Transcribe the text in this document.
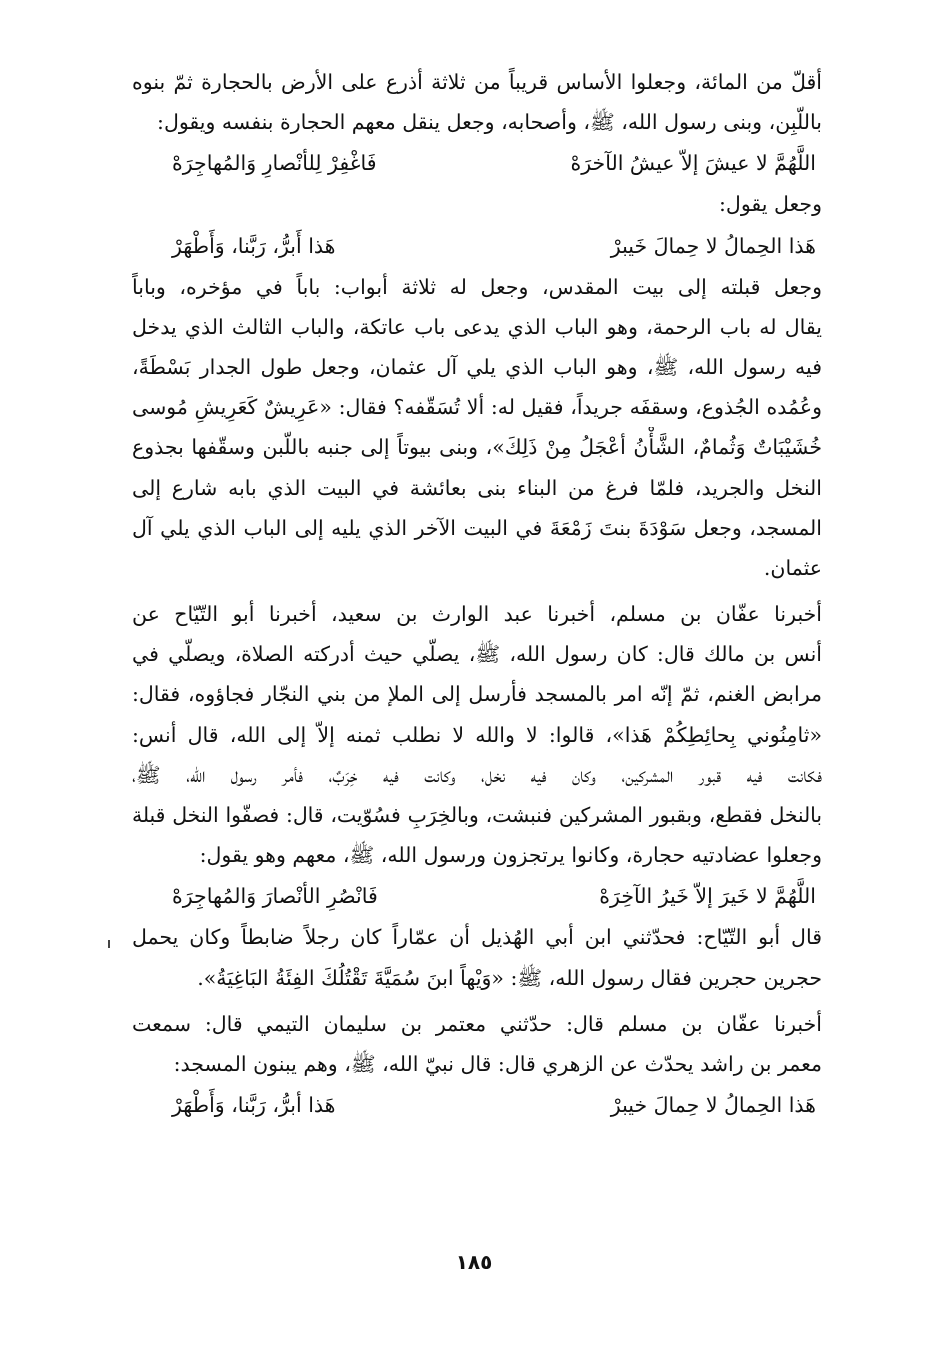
أقلّ من المائة، وجعلوا الأساس قريباً من ثلاثة أذرع على الأرض بالحجارة ثمّ بنوه
باللّبِن، وبنى رسول الله، ﷺ، وأصحابه، وجعل ينقل معهم الحجارة بنفسه ويقول:
اللَّهُمَّ لا عيشَ إلاّ عيشُ الآخرَهْ
فَاغْفِرْ لِلأنْصارِ وَالمُهاجِرَهْ
وجعل يقول:
هَذا الحِمالُ لا حِمالَ خَيبرْ
هَذا أَبرُّ، رَبَّنا، وَأَطْهَرْ
وجعل قبلته إلى بيت المقدس، وجعل له ثلاثة أبواب: باباً في مؤخره، وباباً
يقال له باب الرحمة، وهو الباب الذي يدعى باب عاتكة، والباب الثالث الذي يدخل
فيه رسول الله، ﷺ، وهو الباب الذي يلي آل عثمان، وجعل طول الجدار بَسْطَةً،
وعُمُده الجُذوع، وسقفَه جريداً، فقيل له: ألا تُسَقّفه؟ فقال: «عَرِيشٌ كَعَرِيشِ مُوسى
خُشَيْبَاتٌ وَثُمامٌ، الشَّأْنُ أعْجَلُ مِنْ ذَلِكَ»، وبنى بيوتاً إلى جنبه باللّبن وسقّفها بجذوع
النخل والجريد، فلمّا فرغ من البناء بنى بعائشة في البيت الذي بابه شارع إلى
المسجد، وجعل سَوْدَةَ بنتَ زَمْعَةَ في البيت الآخر الذي يليه إلى الباب الذي يلي آل
عثمان.
أخبرنا عفّان بن مسلم، أخبرنا عبد الوارث بن سعيد، أخبرنا أبو التّيّاح عن
أنس بن مالك قال: كان رسول الله، ﷺ، يصلّي حيث أدركته الصلاة، ويصلّي في
مرابض الغنم، ثمّ إنّه امر بالمسجد فأرسل إلى الملإ من بني النجّار فجاؤوه، فقال:
«ثامِنُوني بِحائِطِكُمْ هَذا»، قالوا: لا والله لا نطلب ثمنه إلاّ إلى الله، قال أنس:
فكانت فيه قبور المشركين، وكان فيه نخل، وكانت فيه خِرَبٌ، فأمر رسول الله، ﷺ،
بالنخل فقطع، وبقبور المشركين فنبشت، وبالخِرَبِ فسُوّيت، قال: فصفّوا النخل قبلة
وجعلوا عضادتيه حجارة، وكانوا يرتجزون ورسول الله، ﷺ، معهم وهو يقول:
اللَّهُمَّ لا خَيرَ إلاّ خَيرُ الآخِرَهْ
فَانْصُرِ الأنْصارَ وَالمُهاجِرَهْ
قال أبو التّيّاح: فحدّثني ابن أبي الهُذيل أن عمّاراً كان رجلاً ضابطاً وكان يحمل
حجرين حجرين فقال رسول الله، ﷺ: «وَيْهاً ابنَ سُمَيَّةَ تَقْتُلُكَ الفِئَةُ البَاغِيَةُ».
أخبرنا عفّان بن مسلم قال: حدّثني معتمر بن سليمان التيمي قال: سمعت
معمر بن راشد يحدّث عن الزهري قال: قال نبيّ الله، ﷺ، وهم يبنون المسجد:
هَذا الحِمالُ لا حِمالَ خيبرْ
هَذا أبرُّ، رَبَّنا، وَأَطْهَرْ
١٨٥
